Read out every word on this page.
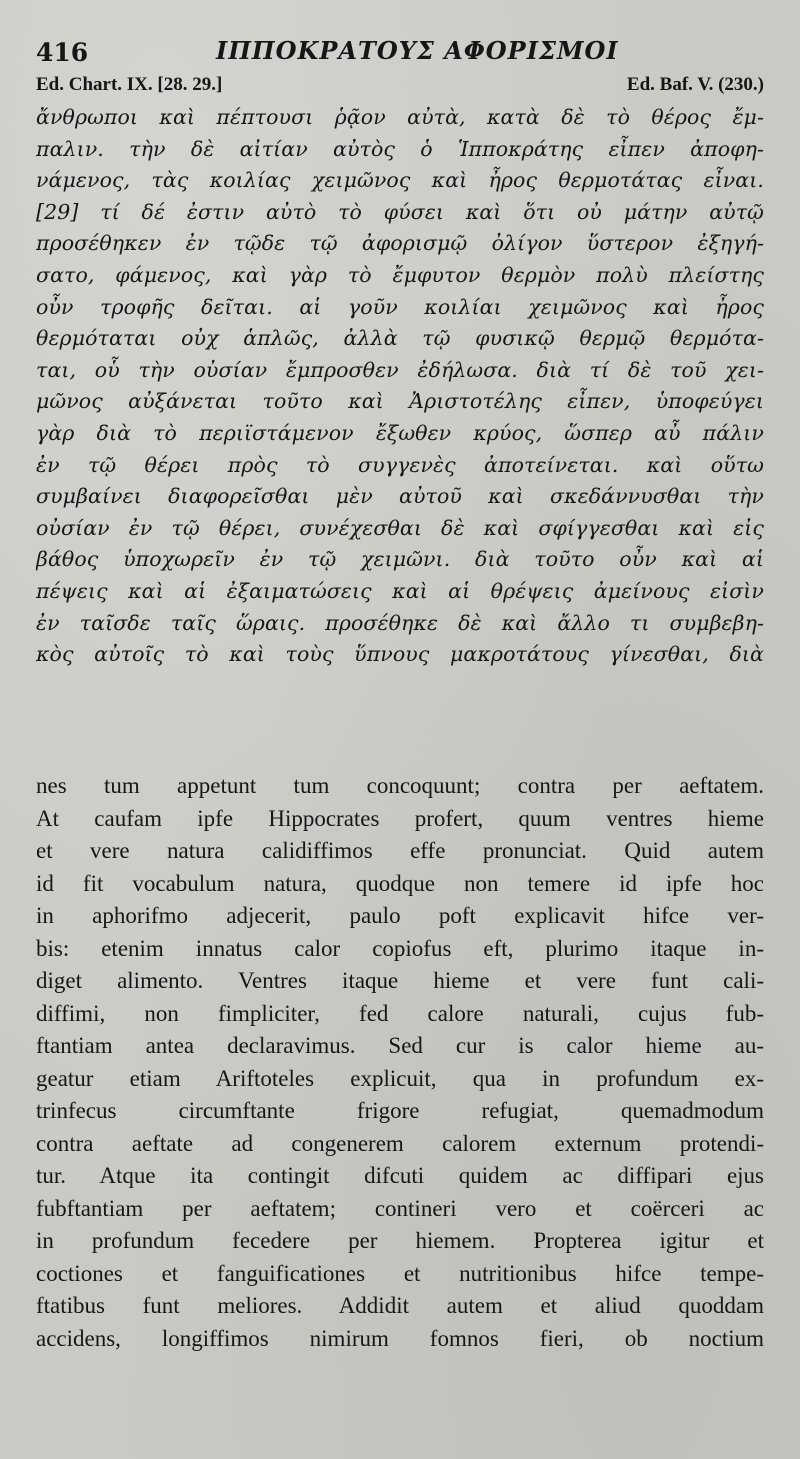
416	ΙΠΠΟΚΡΑΤΟΥΣ ΑΦΟΡΙΣΜΟΙ
Ed. Chart. IX. [28. 29.]	Ed. Baf. V. (230.)
ἄνθρωποι καὶ πέπτουσι ῥᾷον αὐτὰ, κατὰ δὲ τὸ θέρος ἔμ-
παλιν. τὴν δὲ αἰτίαν αὐτὸς ὁ Ἱπποκράτης εἶπεν ἀποφη-
νάμενος, τὰς κοιλίας χειμῶνος καὶ ἦρος θερμοτάτας εἶναι.
[29] τί δέ ἐστιν αὐτὸ τὸ φύσει καὶ ὅτι οὐ μάτην αὐτῷ
προσέθηκεν ἐν τῷδε τῷ ἀφορισμῷ ὀλίγον ὕστερον ἐξηγή-
σατο, φάμενος, καὶ γὰρ τὸ ἔμφυτον θερμὸν πολὺ πλείστης
οὖν τροφῆς δεῖται. αἱ γοῦν κοιλίαι χειμῶνος καὶ ἦρος
θερμόταται οὐχ ἁπλῶς, ἀλλὰ τῷ φυσικῷ θερμῷ θερμότα-
ται, οὗ τὴν οὐσίαν ἔμπροσθεν ἐδήλωσα. διὰ τί δὲ τοῦ χει-
μῶνος αὐξάνεται τοῦτο καὶ Ἀριστοτέλης εἶπεν, ὑποφεύγει
γὰρ διὰ τὸ περιϊστάμενον ἔξωθεν κρύος, ὥσπερ αὖ πάλιν
ἐν τῷ θέρει πρὸς τὸ συγγενὲς ἀποτείνεται. καὶ οὕτω
συμβαίνει διαφορεῖσθαι μὲν αὐτοῦ καὶ σκεδάννυσθαι τὴν
οὐσίαν ἐν τῷ θέρει, συνέχεσθαι δὲ καὶ σφίγγεσθαι καὶ εἰς
βάθος ὑποχωρεῖν ἐν τῷ χειμῶνι. διὰ τοῦτο οὖν καὶ αἱ
πέψεις καὶ αἱ ἐξαιματώσεις καὶ αἱ θρέψεις ἀμείνους εἰσὶν
ἐν ταῖσδε ταῖς ὥραις. προσέθηκε δὲ καὶ ἄλλο τι συμβεβη-
κὸς αὐτοῖς τὸ καὶ τοὺς ὕπνους μακροτάτους γίνεσθαι, διὰ
nes tum appetunt tum concoquunt; contra per aeftatem.
At caufam ipfe Hippocrates profert, quum ventres hieme
et vere natura calidiffimos effe pronunciat. Quid autem
id fit vocabulum natura, quodque non temere id ipfe hoc
in aphorifmo adjecerit, paulo poft explicavit hifce ver-
bis: etenim innatus calor copiofus eft, plurimo itaque in-
diget alimento. Ventres itaque hieme et vere funt cali-
diffimi, non fimpliciter, fed calore naturali, cujus fub-
ftantiam antea declaravimus. Sed cur is calor hieme au-
geatur etiam Ariftoteles explicuit, qua in profundum ex-
trinfecus circumftante frigore refugiat, quemadmodum
contra aeftate ad congenerem calorem externum protendi-
tur. Atque ita contingit difcuti quidem ac diffipari ejus
fubftantiam per aeftatem; contineri vero et coërceri ac
in profundum fecedere per hiemem. Propterea igitur et
coctiones et fanguificationes et nutritionibus hifce tempe-
ftatibus funt meliores. Addidit autem et aliud quoddam
accidens, longiffimos nimirum fomnos fieri, ob noctium
